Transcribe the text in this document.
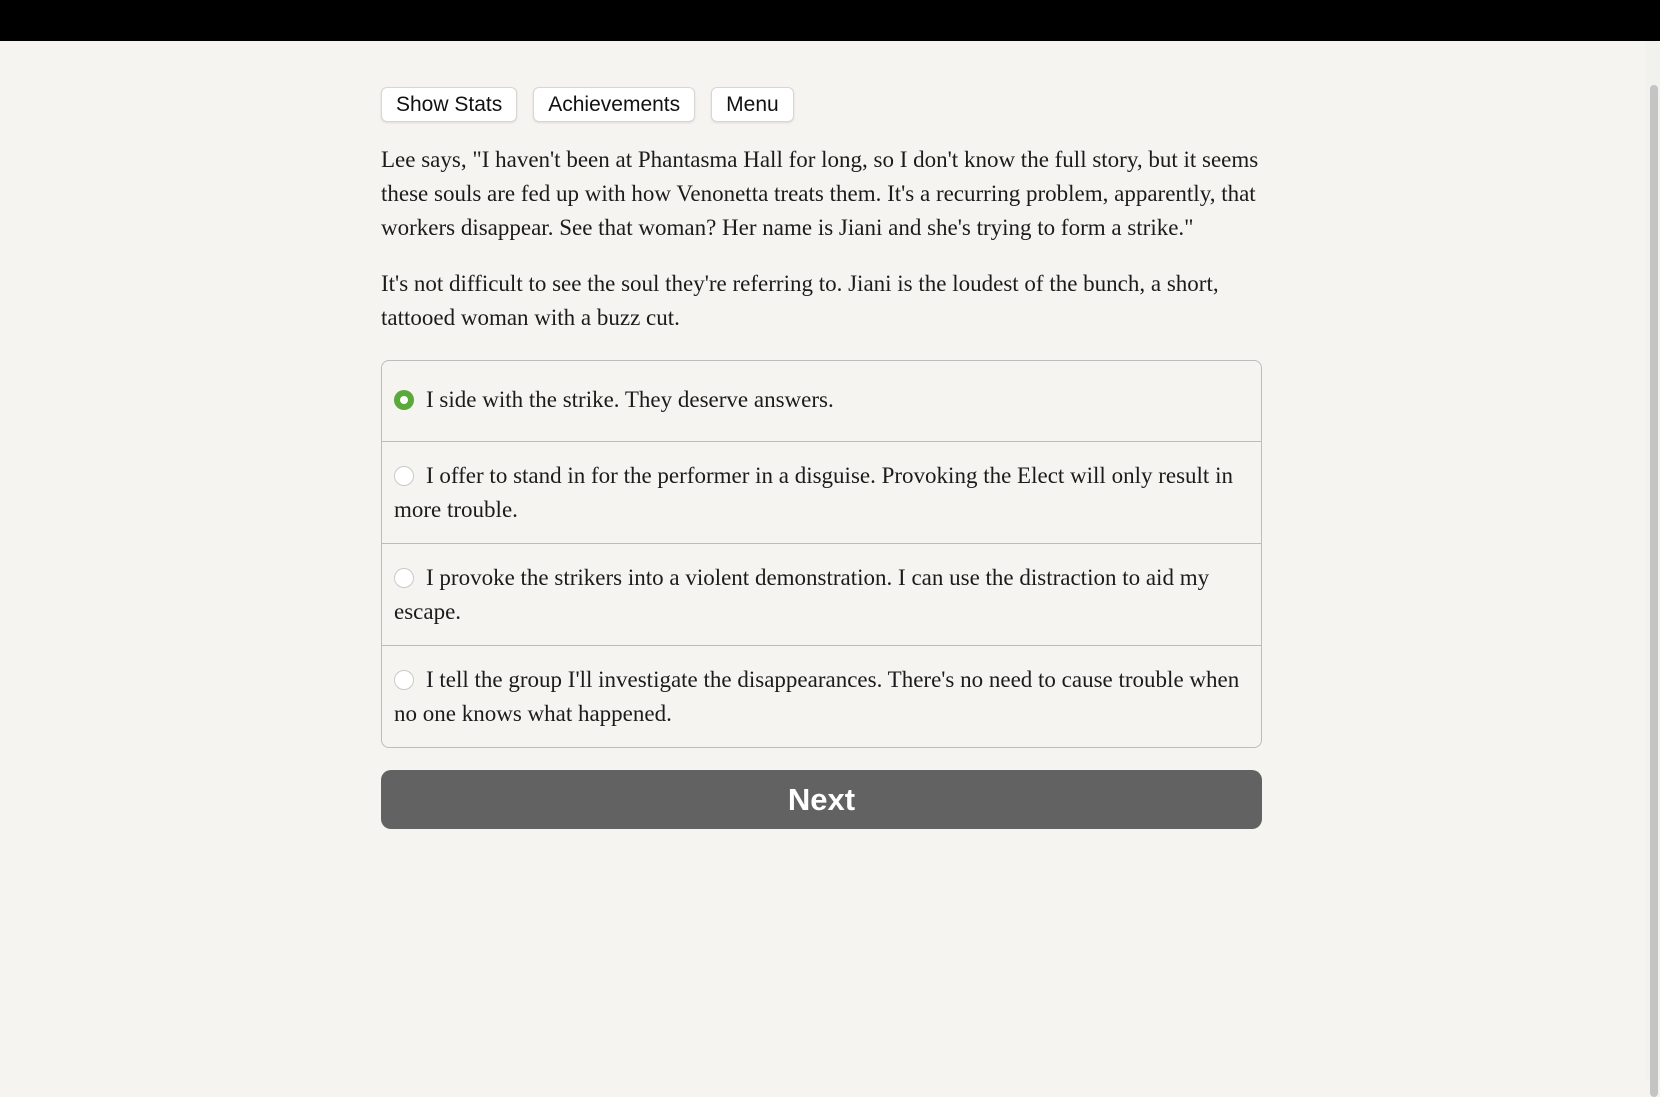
Show Stats	Achievements	Menu

Lee says, "I haven't been at Phantasma Hall for long, so I don't know the full story, but it seems these souls are fed up with how Venonetta treats them. It's a recurring problem, apparently, that workers disappear. See that woman? Her name is Jiani and she's trying to form a strike."

It's not difficult to see the soul they're referring to. Jiani is the loudest of the bunch, a short, tattooed woman with a buzz cut.

I side with the strike. They deserve answers.
I offer to stand in for the performer in a disguise. Provoking the Elect will only result in more trouble.
I provoke the strikers into a violent demonstration. I can use the distraction to aid my escape.
I tell the group I'll investigate the disappearances. There's no need to cause trouble when no one knows what happened.
Next
